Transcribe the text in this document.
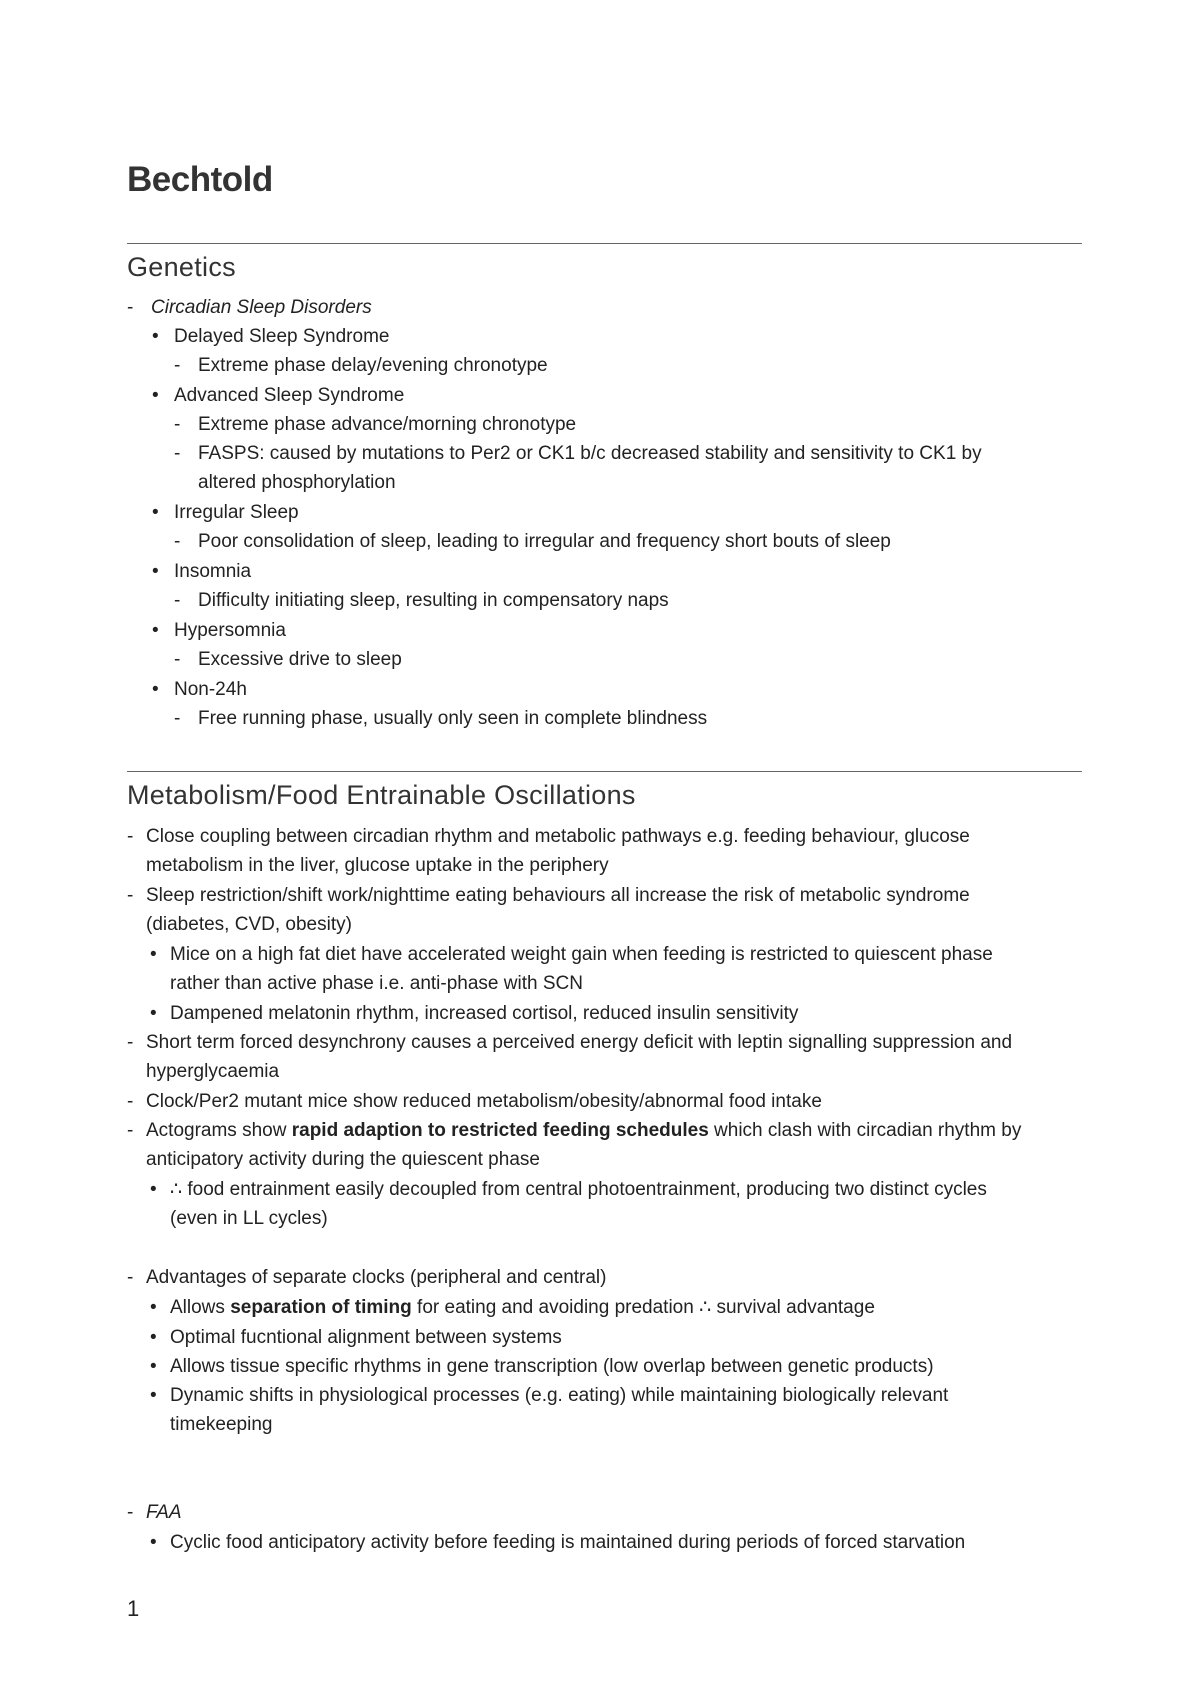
Bechtold
Genetics
- Circadian Sleep Disorders
• Delayed Sleep Syndrome
- Extreme phase delay/evening chronotype
• Advanced Sleep Syndrome
- Extreme phase advance/morning chronotype
- FASPS: caused by mutations to Per2 or CK1 b/c decreased stability and sensitivity to CK1 by
altered phosphorylation
• Irregular Sleep
- Poor consolidation of sleep, leading to irregular and frequency short bouts of sleep
• Insomnia
- Difficulty initiating sleep, resulting in compensatory naps
• Hypersomnia
- Excessive drive to sleep
• Non-24h
- Free running phase, usually only seen in complete blindness
Metabolism/Food Entrainable Oscillations
- Close coupling between circadian rhythm and metabolic pathways e.g. feeding behaviour, glucose
metabolism in the liver, glucose uptake in the periphery
- Sleep restriction/shift work/nighttime eating behaviours all increase the risk of metabolic syndrome
(diabetes, CVD, obesity)
• Mice on a high fat diet have accelerated weight gain when feeding is restricted to quiescent phase
rather than active phase i.e. anti-phase with SCN
• Dampened melatonin rhythm, increased cortisol, reduced insulin sensitivity
- Short term forced desynchrony causes a perceived energy deficit with leptin signalling suppression and
hyperglycaemia
- Clock/Per2 mutant mice show reduced metabolism/obesity/abnormal food intake
- Actograms show rapid adaption to restricted feeding schedules which clash with circadian rhythm by
anticipatory activity during the quiescent phase
• ∴ food entrainment easily decoupled from central photoentrainment, producing two distinct cycles
(even in LL cycles)
- Advantages of separate clocks (peripheral and central)
• Allows separation of timing for eating and avoiding predation ∴ survival advantage
• Optimal fucntional alignment between systems
• Allows tissue specific rhythms in gene transcription (low overlap between genetic products)
• Dynamic shifts in physiological processes (e.g. eating) while maintaining biologically relevant
timekeeping
- FAA
• Cyclic food anticipatory activity before feeding is maintained during periods of forced starvation
1
